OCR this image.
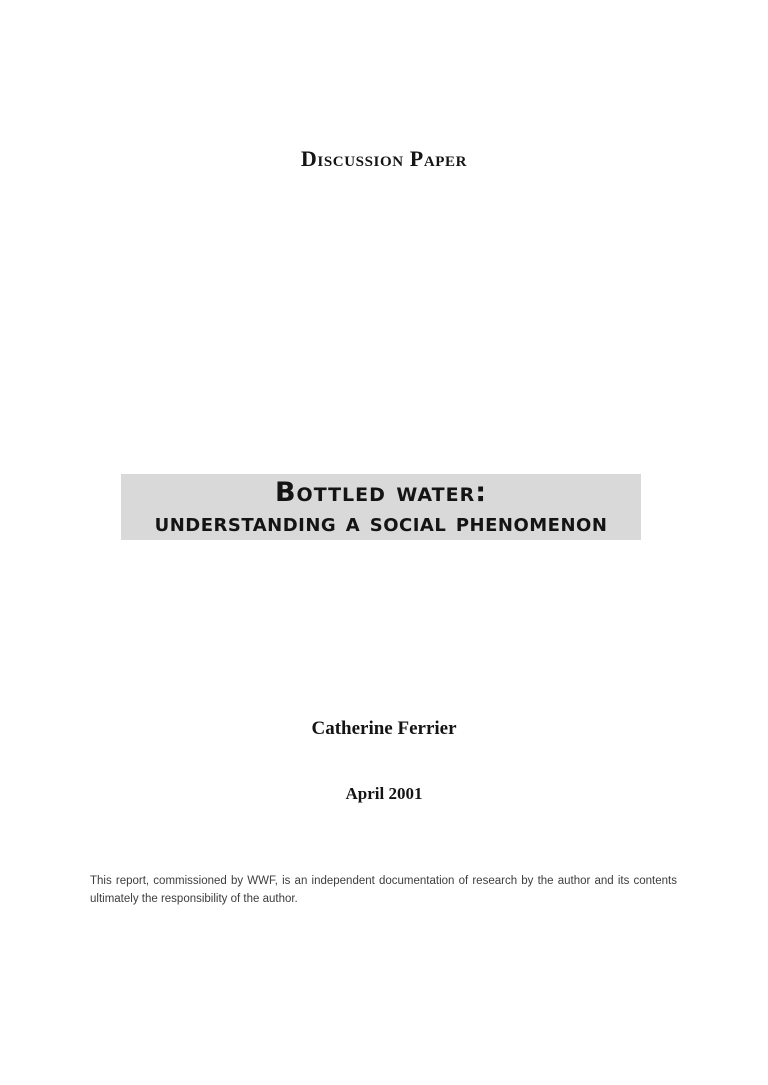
Discussion Paper
Bottled water:
understanding a social phenomenon
Catherine Ferrier
April 2001
This report, commissioned by WWF, is an independent documentation of research by the author and its contents
ultimately the responsibility of the author.
